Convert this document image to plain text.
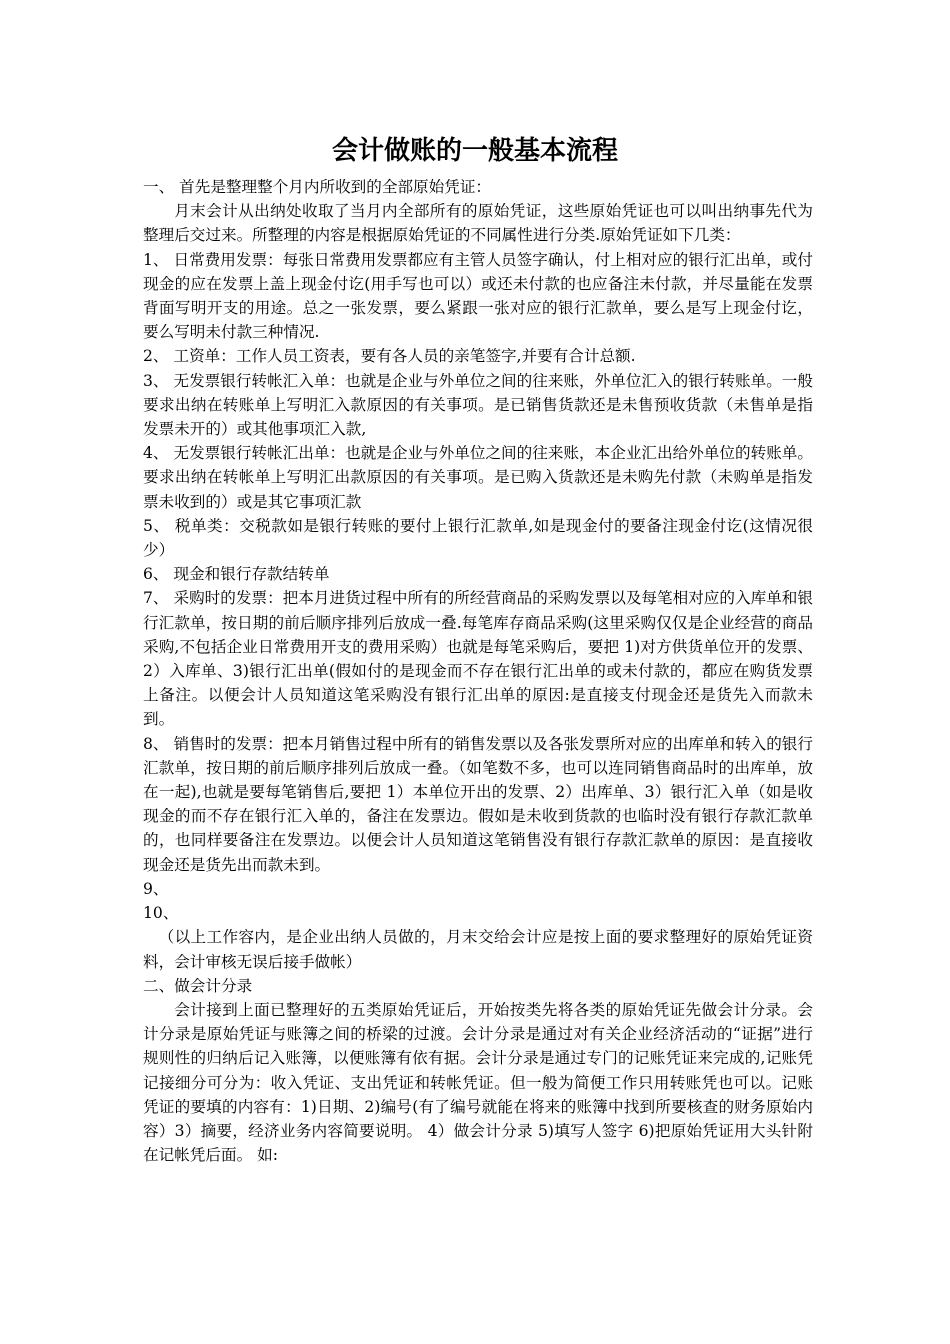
会计做账的一般基本流程

一、 首先是整理整个月内所收到的全部原始凭证：

月末会计从出纳处收取了当月内全部所有的原始凭证，这些原始凭证也可以叫出纳事先代为整理后交过来。所整理的内容是根据原始凭证的不同属性进行分类.原始凭证如下几类：

1、 日常费用发票：每张日常费用发票都应有主管人员签字确认，付上相对应的银行汇出单，或付现金的应在发票上盖上现金付讫(用手写也可以）或还未付款的也应备注未付款，并尽量能在发票背面写明开支的用途。总之一张发票，要么紧跟一张对应的银行汇款单，要么是写上现金付讫，要么写明未付款三种情况.

2、 工资单：工作人员工资表，要有各人员的亲笔签字,并要有合计总额.

3、 无发票银行转帐汇入单：也就是企业与外单位之间的往来账，外单位汇入的银行转账单。一般要求出纳在转账单上写明汇入款原因的有关事项。是已销售货款还是未售预收货款（未售单是指发票未开的）或其他事项汇入款,

4、 无发票银行转帐汇出单：也就是企业与外单位之间的往来账，本企业汇出给外单位的转账单。要求出纳在转帐单上写明汇出款原因的有关事项。是已购入货款还是未购先付款（未购单是指发票未收到的）或是其它事项汇款

5、 税单类：交税款如是银行转账的要付上银行汇款单,如是现金付的要备注现金付讫(这情况很少）

6、 现金和银行存款结转单

7、 采购时的发票：把本月进货过程中所有的所经营商品的采购发票以及每笔相对应的入库单和银行汇款单，按日期的前后顺序排列后放成一叠.每笔库存商品采购(这里采购仅仅是企业经营的商品采购,不包括企业日常费用开支的费用采购）也就是每笔采购后，要把 1)对方供货单位开的发票、2）入库单、3)银行汇出单(假如付的是现金而不存在银行汇出单的或未付款的，都应在购货发票上备注。以便会计人员知道这笔采购没有银行汇出单的原因:是直接支付现金还是货先入而款未到。

8、 销售时的发票：把本月销售过程中所有的销售发票以及各张发票所对应的出库单和转入的银行汇款单，按日期的前后顺序排列后放成一叠。（如笔数不多，也可以连同销售商品时的出库单，放在一起),也就是要每笔销售后,要把 1）本单位开出的发票、2）出库单、3）银行汇入单（如是收现金的而不存在银行汇入单的，备注在发票边。假如是未收到货款的也临时没有银行存款汇款单的，也同样要备注在发票边。以便会计人员知道这笔销售没有银行存款汇款单的原因：是直接收现金还是货先出而款未到。

9、

10、

（以上工作容内，是企业出纳人员做的，月末交给会计应是按上面的要求整理好的原始凭证资料，会计审核无误后接手做帐）

二、做会计分录

会计接到上面已整理好的五类原始凭证后，开始按类先将各类的原始凭证先做会计分录。会计分录是原始凭证与账簿之间的桥梁的过渡。会计分录是通过对有关企业经济活动的“证据”进行规则性的归纳后记入账簿，以便账簿有依有据。会计分录是通过专门的记账凭证来完成的,记账凭记接细分可分为：收入凭证、支出凭证和转帐凭证。但一般为简便工作只用转账凭也可以。记账凭证的要填的内容有：1)日期、2)编号(有了编号就能在将来的账簿中找到所要核查的财务原始内容）3）摘要，经济业务内容简要说明。 4）做会计分录 5)填写人签字 6)把原始凭证用大头针附在记帐凭后面。 如:
